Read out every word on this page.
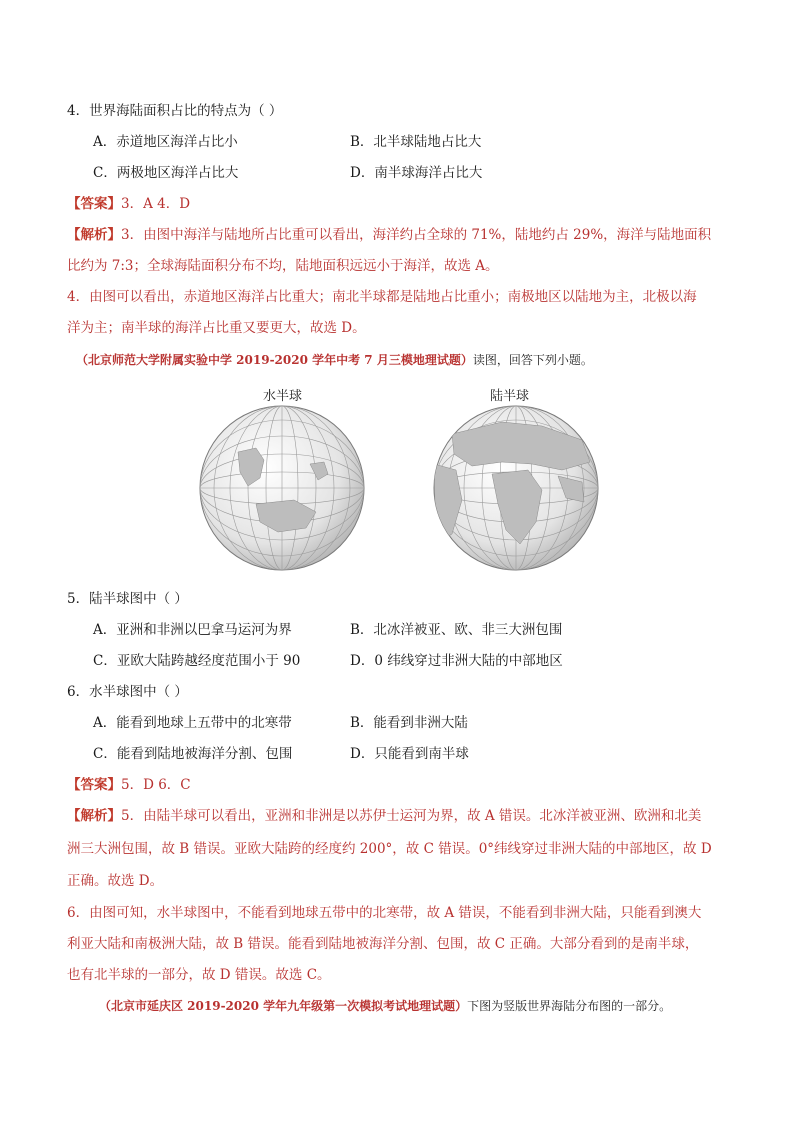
4．世界海陆面积占比的特点为（ ）
A．赤道地区海洋占比小	B．北半球陆地占比大
C．两极地区海洋占比大	D．南半球海洋占比大
【答案】3．A 4．D
【解析】3．由图中海洋与陆地所占比重可以看出，海洋约占全球的 71%，陆地约占 29%，海洋与陆地面积
比约为 7:3；全球海陆面积分布不均，陆地面积远远小于海洋，故选 A。
4．由图可以看出，赤道地区海洋占比重大；南北半球都是陆地占比重小；南极地区以陆地为主，北极以海
洋为主；南半球的海洋占比重又要更大，故选 D。
（北京师范大学附属实验中学 2019-2020 学年中考 7 月三模地理试题）读图，回答下列小题。
水半球	陆半球
5．陆半球图中（ ）
A．亚洲和非洲以巴拿马运河为界	B．北冰洋被亚、欧、非三大洲包围
C．亚欧大陆跨越经度范围小于 90	D．0 纬线穿过非洲大陆的中部地区
6．水半球图中（ ）
A．能看到地球上五带中的北寒带	B．能看到非洲大陆
C．能看到陆地被海洋分割、包围	D．只能看到南半球
【答案】5．D 6．C
【解析】5．由陆半球可以看出，亚洲和非洲是以苏伊士运河为界，故 A 错误。北冰洋被亚洲、欧洲和北美
洲三大洲包围，故 B 错误。亚欧大陆跨的经度约 200°，故 C 错误。0°纬线穿过非洲大陆的中部地区，故 D
正确。故选 D。
6．由图可知，水半球图中，不能看到地球五带中的北寒带，故 A 错误，不能看到非洲大陆，只能看到澳大
利亚大陆和南极洲大陆，故 B 错误。能看到陆地被海洋分割、包围，故 C 正确。大部分看到的是南半球，
也有北半球的一部分，故 D 错误。故选 C。
（北京市延庆区 2019-2020 学年九年级第一次模拟考试地理试题）下图为竖版世界海陆分布图的一部分。
